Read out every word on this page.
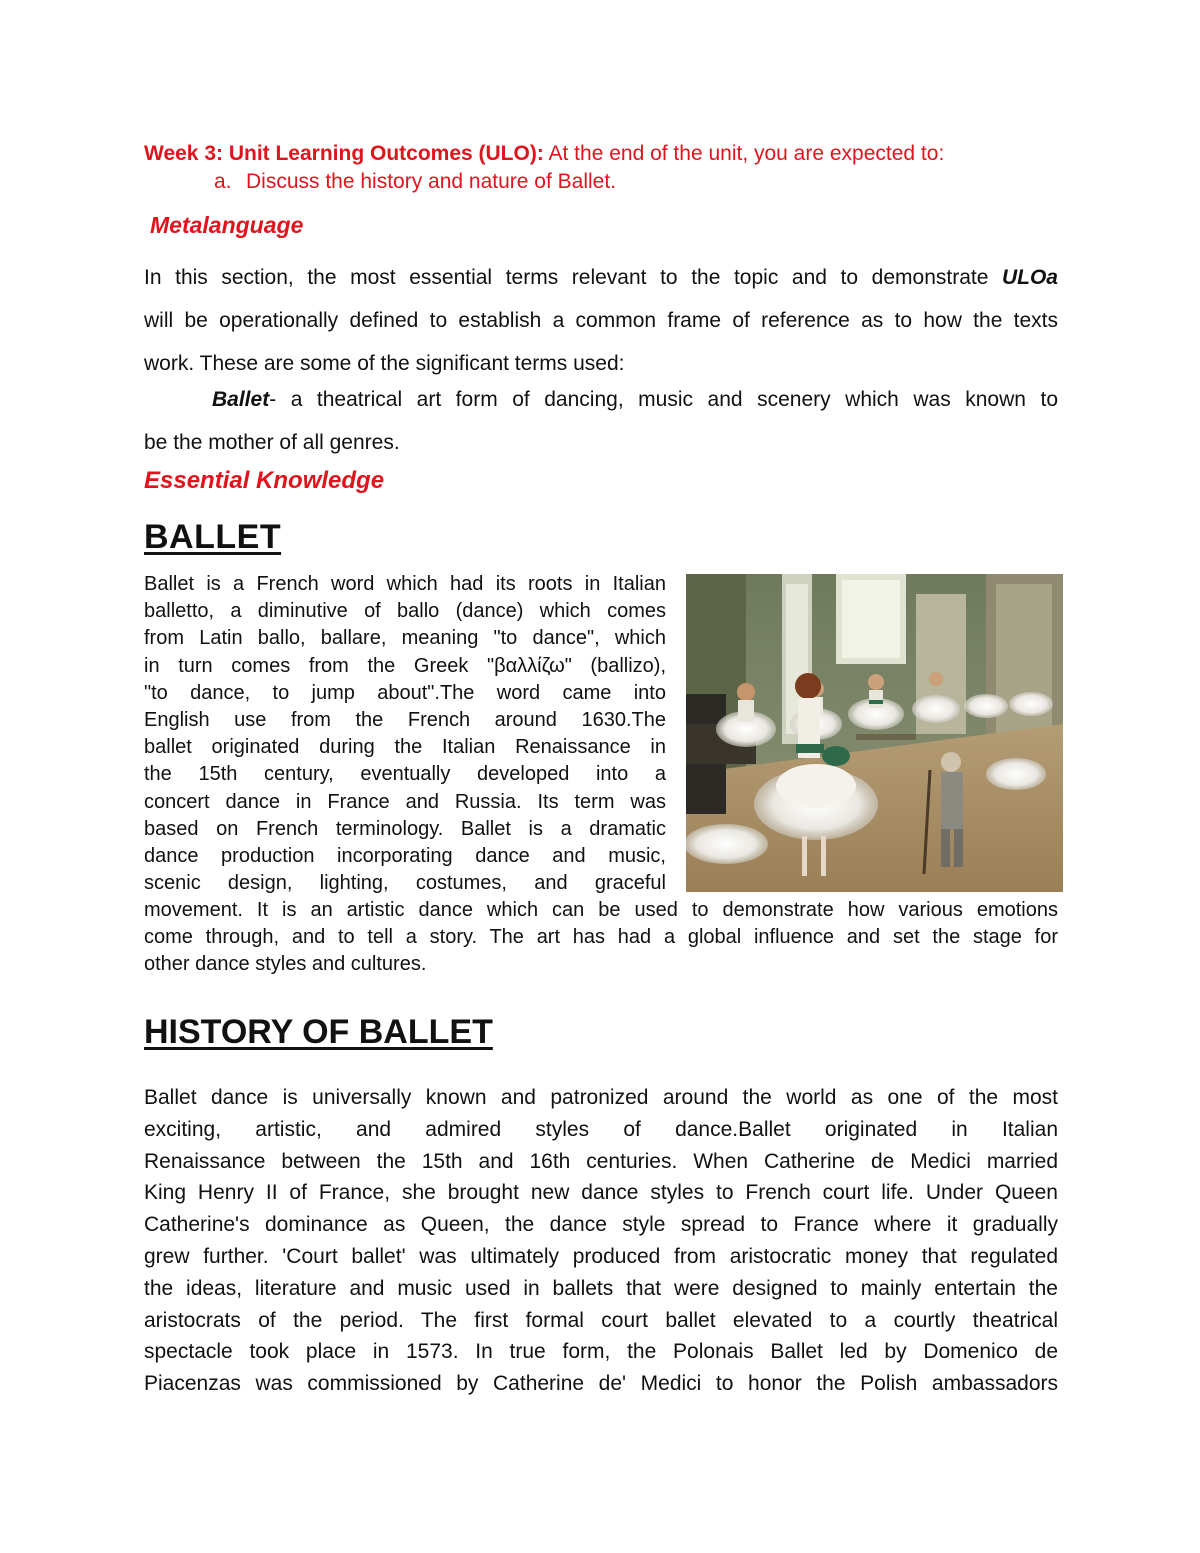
Week 3: Unit Learning Outcomes (ULO): At the end of the unit, you are expected to:
a. Discuss the history and nature of Ballet.
Metalanguage
In this section, the most essential terms relevant to the topic and to demonstrate ULOa
will be operationally defined to establish a common frame of reference as to how the texts
work. These are some of the significant terms used:
Ballet- a theatrical art form of dancing, music and scenery which was known to
be the mother of all genres.
Essential Knowledge
BALLET
Ballet is a French word which had its roots in Italian
balletto, a diminutive of ballo (dance) which comes
from Latin ballo, ballare, meaning "to dance", which
in turn comes from the Greek "βαλλίζω" (ballizo),
"to dance, to jump about".The word came into
English use from the French around 1630.The
ballet originated during the Italian Renaissance in
the 15th century, eventually developed into a
concert dance in France and Russia. Its term was
based on French terminology. Ballet is a dramatic
dance production incorporating dance and music,
scenic design, lighting, costumes, and graceful
movement. It is an artistic dance which can be used to demonstrate how various emotions
come through, and to tell a story. The art has had a global influence and set the stage for
other dance styles and cultures.
HISTORY OF BALLET
Ballet dance is universally known and patronized around the world as one of the most
exciting, artistic, and admired styles of dance.Ballet originated in Italian
Renaissance between the 15th and 16th centuries. When Catherine de Medici married
King Henry II of France, she brought new dance styles to French court life. Under Queen
Catherine's dominance as Queen, the dance style spread to France where it gradually
grew further. 'Court ballet' was ultimately produced from aristocratic money that regulated
the ideas, literature and music used in ballets that were designed to mainly entertain the
aristocrats of the period. The first formal court ballet elevated to a courtly theatrical
spectacle took place in 1573. In true form, the Polonais Ballet led by Domenico de
Piacenzas was commissioned by Catherine de' Medici to honor the Polish ambassadors
